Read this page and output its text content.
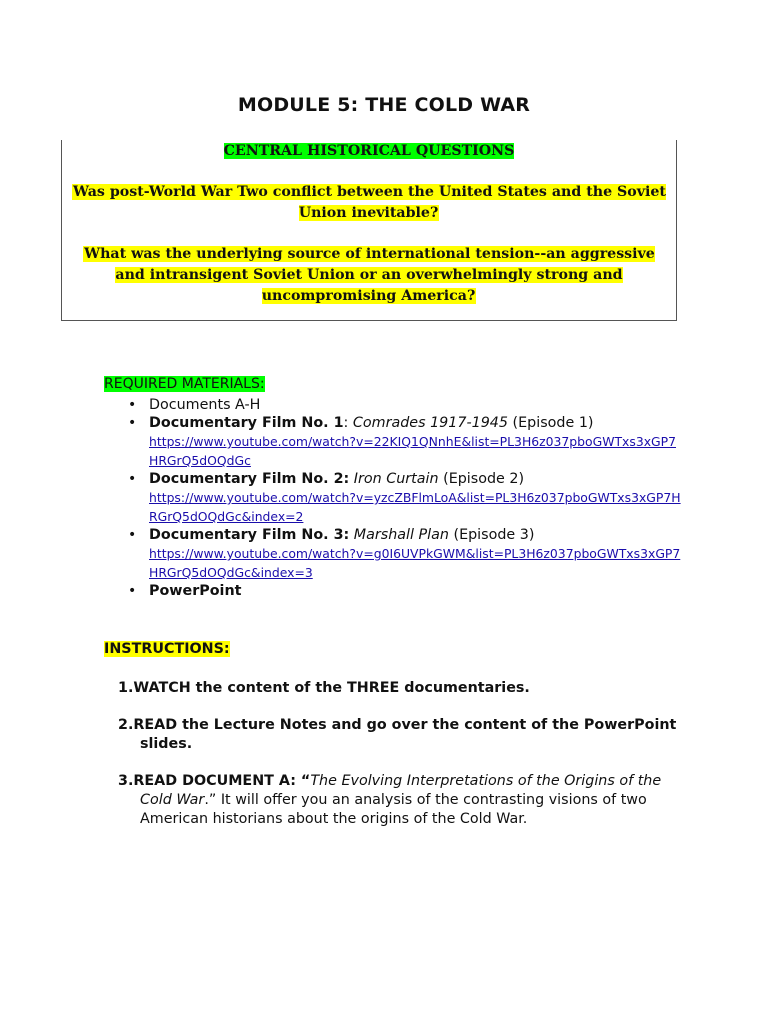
MODULE 5: THE COLD WAR
CENTRAL HISTORICAL QUESTIONS
Was post-World War Two conflict between the United States and the Soviet Union inevitable?
What was the underlying source of international tension--an aggressive and intransigent Soviet Union or an overwhelmingly strong and uncompromising America?
REQUIRED MATERIALS:
• Documents A-H
• Documentary Film No. 1: Comrades 1917-1945 (Episode 1)
https://www.youtube.com/watch?v=22KIQ1QNnhE&list=PL3H6z037pboGWTxs3xGP7HRGrQ5dOQdGc
• Documentary Film No. 2: Iron Curtain (Episode 2)
https://www.youtube.com/watch?v=yzcZBFlmLoA&list=PL3H6z037pboGWTxs3xGP7HRGrQ5dOQdGc&index=2
• Documentary Film No. 3: Marshall Plan (Episode 3)
https://www.youtube.com/watch?v=g0I6UVPkGWM&list=PL3H6z037pboGWTxs3xGP7HRGrQ5dOQdGc&index=3
• PowerPoint
INSTRUCTIONS:
1.WATCH the content of the THREE documentaries.
2.READ the Lecture Notes and go over the content of the PowerPoint slides.
3.READ DOCUMENT A: “The Evolving Interpretations of the Origins of the Cold War.” It will offer you an analysis of the contrasting visions of two American historians about the origins of the Cold War.
